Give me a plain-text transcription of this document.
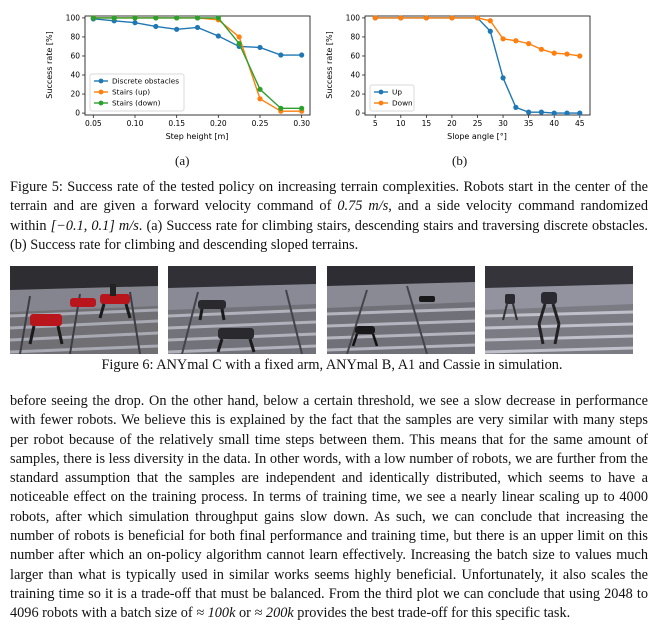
0.05	0.10	0.15	0.20	0.25	0.30
0
20
40
60
80
100
Success rate [%]
Step height [m]
Discrete obstacles
Stairs (up)
Stairs (down)
5 10 15 20 25 30 35 40 45
0
20
40
60
80
100
Success rate [%]
Slope angle [°]
Up
Down
(a)	(b)

Figure 5: Success rate of the tested policy on increasing terrain complexities. Robots start in the center of the terrain and are given a forward velocity command of 0.75 m/s, and a side velocity command randomized within [−0.1, 0.1] m/s. (a) Success rate for climbing stairs, descending stairs and traversing discrete obstacles. (b) Success rate for climbing and descending sloped terrains.

Figure 6: ANYmal C with a fixed arm, ANYmal B, A1 and Cassie in simulation.

before seeing the drop. On the other hand, below a certain threshold, we see a slow decrease in performance with fewer robots. We believe this is explained by the fact that the samples are very similar with many steps per robot because of the relatively small time steps between them. This means that for the same amount of samples, there is less diversity in the data. In other words, with a low number of robots, we are further from the standard assumption that the samples are independent and identically distributed, which seems to have a noticeable effect on the training process. In terms of training time, we see a nearly linear scaling up to 4000 robots, after which simulation throughput gains slow down. As such, we can conclude that increasing the number of robots is beneficial for both final performance and training time, but there is an upper limit on this number after which an on-policy algorithm cannot learn effectively. Increasing the batch size to values much larger than what is typically used in similar works seems highly beneficial. Unfortunately, it also scales the training time so it is a trade-off that must be balanced. From the third plot we can conclude that using 2048 to 4096 robots with a batch size of ≈ 100k or ≈ 200k provides the best trade-off for this specific task.
